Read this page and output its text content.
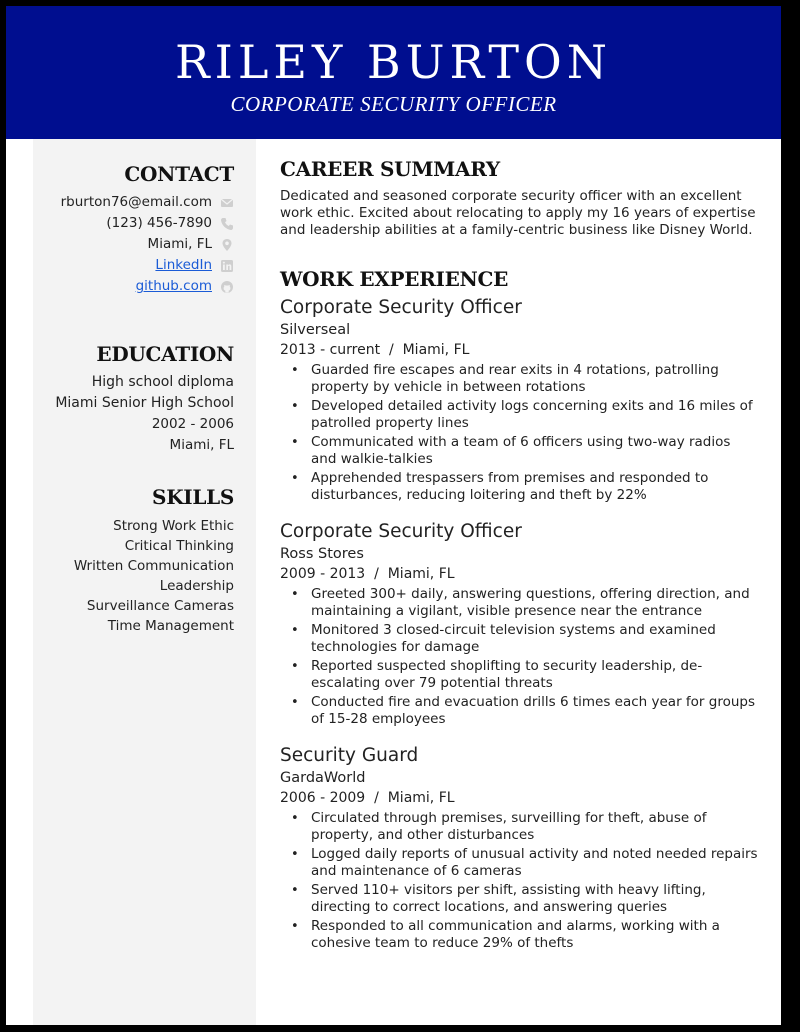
RILEY BURTON
CORPORATE SECURITY OFFICER
CONTACT
rburton76@email.com
(123) 456-7890
Miami, FL
LinkedIn
github.com
EDUCATION
High school diploma
Miami Senior High School
2002 - 2006
Miami, FL
SKILLS
Strong Work Ethic
Critical Thinking
Written Communication
Leadership
Surveillance Cameras
Time Management
CAREER SUMMARY
Dedicated and seasoned corporate security officer with an excellent work ethic. Excited about relocating to apply my 16 years of expertise and leadership abilities at a family-centric business like Disney World.
WORK EXPERIENCE
Corporate Security Officer
Silverseal
2013 - current  /  Miami, FL
• Guarded fire escapes and rear exits in 4 rotations, patrolling property by vehicle in between rotations
• Developed detailed activity logs concerning exits and 16 miles of patrolled property lines
• Communicated with a team of 6 officers using two-way radios and walkie-talkies
• Apprehended trespassers from premises and responded to disturbances, reducing loitering and theft by 22%
Corporate Security Officer
Ross Stores
2009 - 2013  /  Miami, FL
• Greeted 300+ daily, answering questions, offering direction, and maintaining a vigilant, visible presence near the entrance
• Monitored 3 closed-circuit television systems and examined technologies for damage
• Reported suspected shoplifting to security leadership, de-escalating over 79 potential threats
• Conducted fire and evacuation drills 6 times each year for groups of 15-28 employees
Security Guard
GardaWorld
2006 - 2009  /  Miami, FL
• Circulated through premises, surveilling for theft, abuse of property, and other disturbances
• Logged daily reports of unusual activity and noted needed repairs and maintenance of 6 cameras
• Served 110+ visitors per shift, assisting with heavy lifting, directing to correct locations, and answering queries
• Responded to all communication and alarms, working with a cohesive team to reduce 29% of thefts
